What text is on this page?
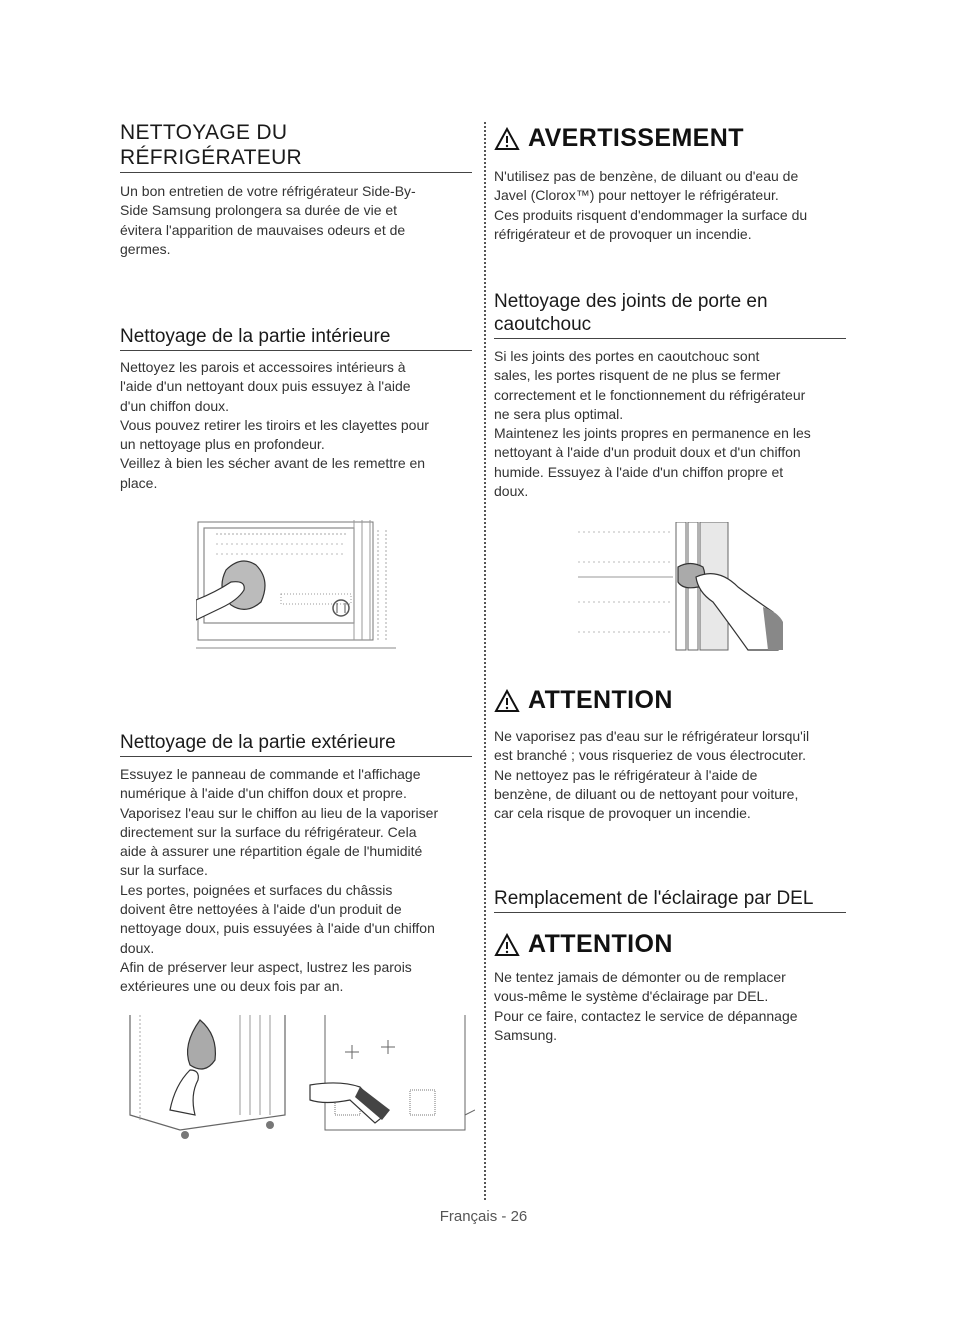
NETTOYAGE DU
RÉFRIGÉRATEUR

Un bon entretien de votre réfrigérateur Side-By-

Side Samsung prolongera sa durée de vie et

évitera l'apparition de mauvaises odeurs et de

germes.

Nettoyage de la partie intérieure

Nettoyez les parois et accessoires intérieurs à

l'aide d'un nettoyant doux puis essuyez à l'aide

d'un chiffon doux.

Vous pouvez retirer les tiroirs et les clayettes pour

un nettoyage plus en profondeur.

Veillez à bien les sécher avant de les remettre en

place.

Nettoyage de la partie extérieure

Essuyez le panneau de commande et l'affichage

numérique à l'aide d'un chiffon doux et propre.

Vaporisez l'eau sur le chiffon au lieu de la vaporiser

directement sur la surface du réfrigérateur. Cela

aide à assurer une répartition égale de l'humidité

sur la surface.

Les portes, poignées et surfaces du châssis

doivent être nettoyées à l'aide d'un produit de

nettoyage doux, puis essuyées à l'aide d'un chiffon

doux.

Afin de préserver leur aspect, lustrez les parois

extérieures une ou deux fois par an.

AVERTISSEMENT

N'utilisez pas de benzène, de diluant ou d'eau de

Javel (Clorox™) pour nettoyer le réfrigérateur.

Ces produits risquent d'endommager la surface du

réfrigérateur et de provoquer un incendie.

Nettoyage des joints de porte en
caoutchouc

Si les joints des portes en caoutchouc sont

sales, les portes risquent de ne plus se fermer

correctement et le fonctionnement du réfrigérateur

ne sera plus optimal.

Maintenez les joints propres en permanence en les

nettoyant à l'aide d'un produit doux et d'un chiffon

humide. Essuyez à l'aide d'un chiffon propre et

doux.

ATTENTION

Ne vaporisez pas d'eau sur le réfrigérateur lorsqu'il

est branché ; vous risqueriez de vous électrocuter.

Ne nettoyez pas le réfrigérateur à l'aide de

benzène, de diluant ou de nettoyant pour voiture,

car cela risque de provoquer un incendie.

Remplacement de l'éclairage par DEL
ATTENTION

Ne tentez jamais de démonter ou de remplacer

vous-même le système d'éclairage par DEL.

Pour ce faire, contactez le service de dépannage

Samsung.

Français - 26
